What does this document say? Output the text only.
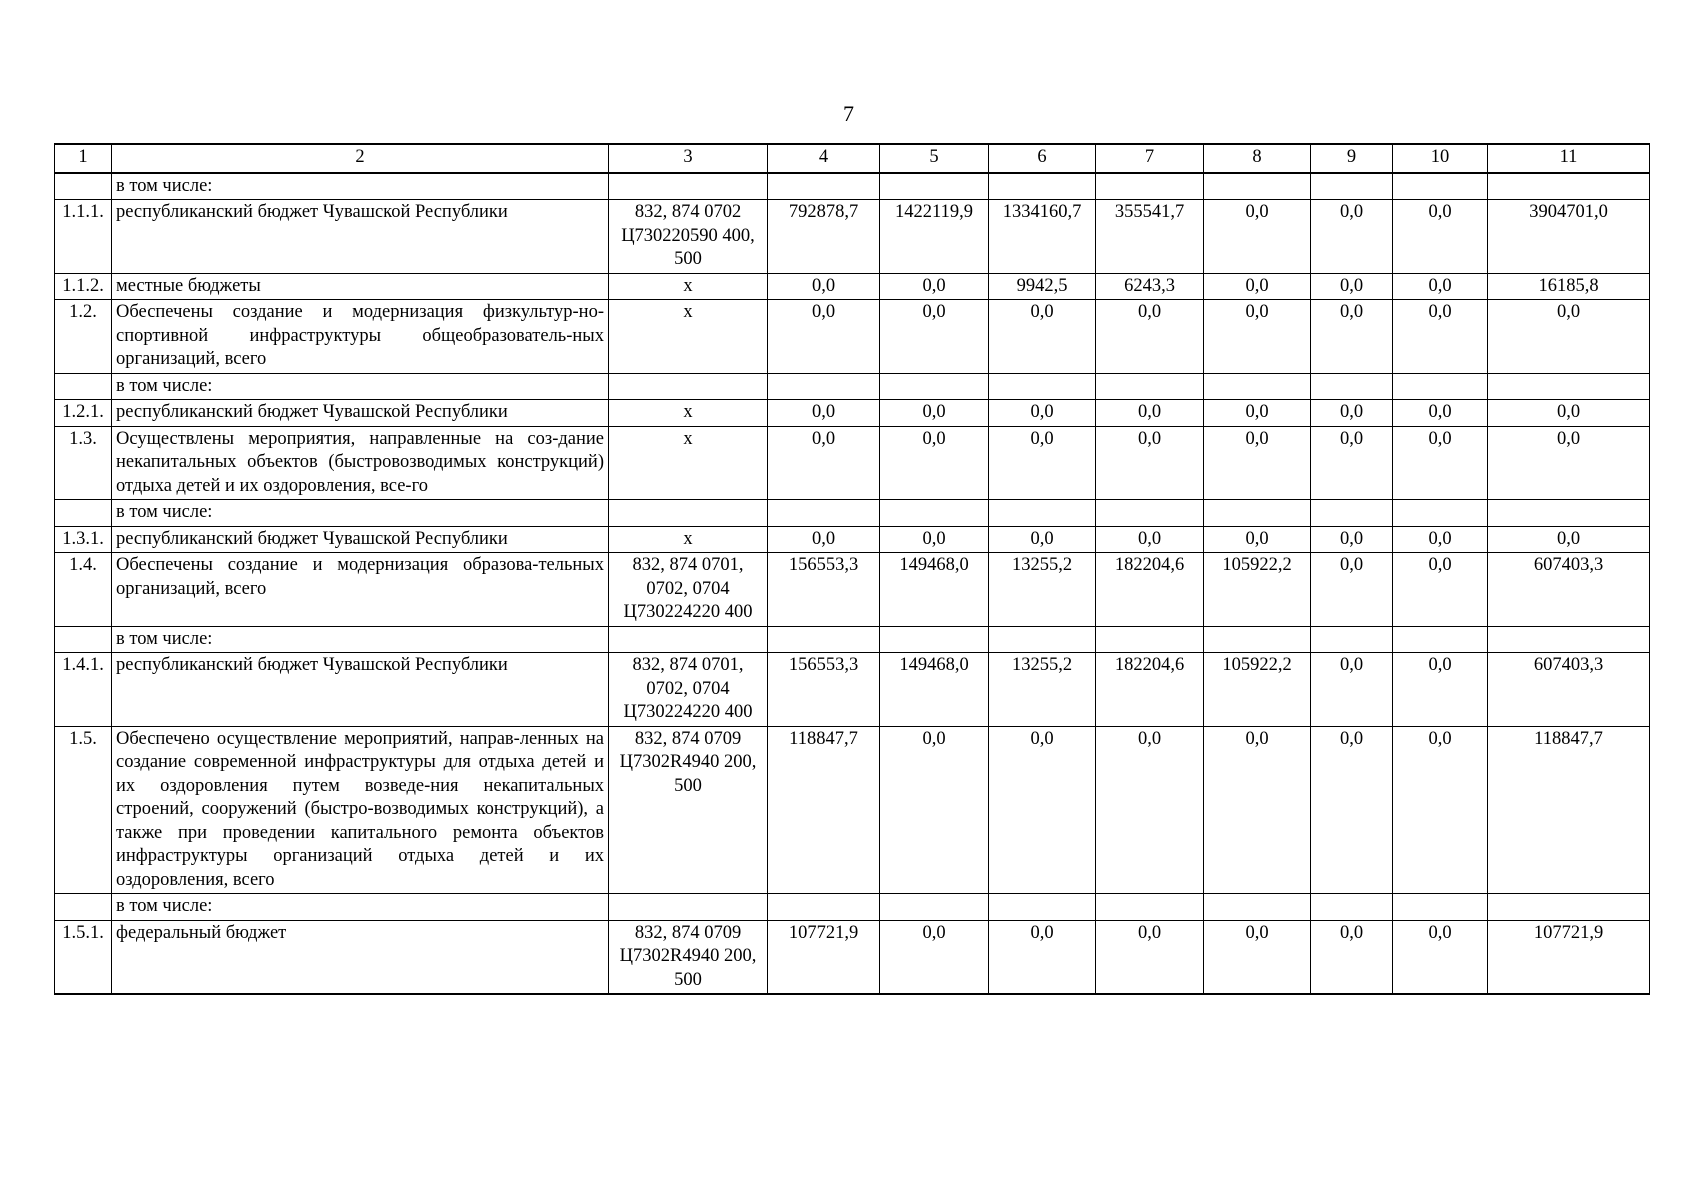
7
1	2	3	4	5	6	7	8	9	10	11
	в том числе:									
1.1.1.	республиканский бюджет Чувашской Республики	832, 874 0702 Ц730220590 400, 500	792878,7	1422119,9	1334160,7	355541,7	0,0	0,0	0,0	3904701,0
1.1.2.	местные бюджеты	x	0,0	0,0	9942,5	6243,3	0,0	0,0	0,0	16185,8
1.2.	Обеспечены создание и модернизация физкультур-но-спортивной инфраструктуры общеобразователь-ных организаций, всего	x	0,0	0,0	0,0	0,0	0,0	0,0	0,0	0,0
	в том числе:									
1.2.1.	республиканский бюджет Чувашской Республики	x	0,0	0,0	0,0	0,0	0,0	0,0	0,0	0,0
1.3.	Осуществлены мероприятия, направленные на соз-дание некапитальных объектов (быстровозводимых конструкций) отдыха детей и их оздоровления, все-го	x	0,0	0,0	0,0	0,0	0,0	0,0	0,0	0,0
	в том числе:									
1.3.1.	республиканский бюджет Чувашской Республики	x	0,0	0,0	0,0	0,0	0,0	0,0	0,0	0,0
1.4.	Обеспечены создание и модернизация образова-тельных организаций, всего	832, 874 0701, 0702, 0704 Ц730224220 400	156553,3	149468,0	13255,2	182204,6	105922,2	0,0	0,0	607403,3
	в том числе:									
1.4.1.	республиканский бюджет Чувашской Республики	832, 874 0701, 0702, 0704 Ц730224220 400	156553,3	149468,0	13255,2	182204,6	105922,2	0,0	0,0	607403,3
1.5.	Обеспечено осуществление мероприятий, направ-ленных на создание современной инфраструктуры для отдыха детей и их оздоровления путем возведе-ния некапитальных строений, сооружений (быстро-возводимых конструкций), а также при проведении капитального ремонта объектов инфраструктуры организаций отдыха детей и их оздоровления, всего	832, 874 0709 Ц7302R4940 200, 500	118847,7	0,0	0,0	0,0	0,0	0,0	0,0	118847,7
	в том числе:									
1.5.1.	федеральный бюджет	832, 874 0709 Ц7302R4940 200, 500	107721,9	0,0	0,0	0,0	0,0	0,0	0,0	107721,9
